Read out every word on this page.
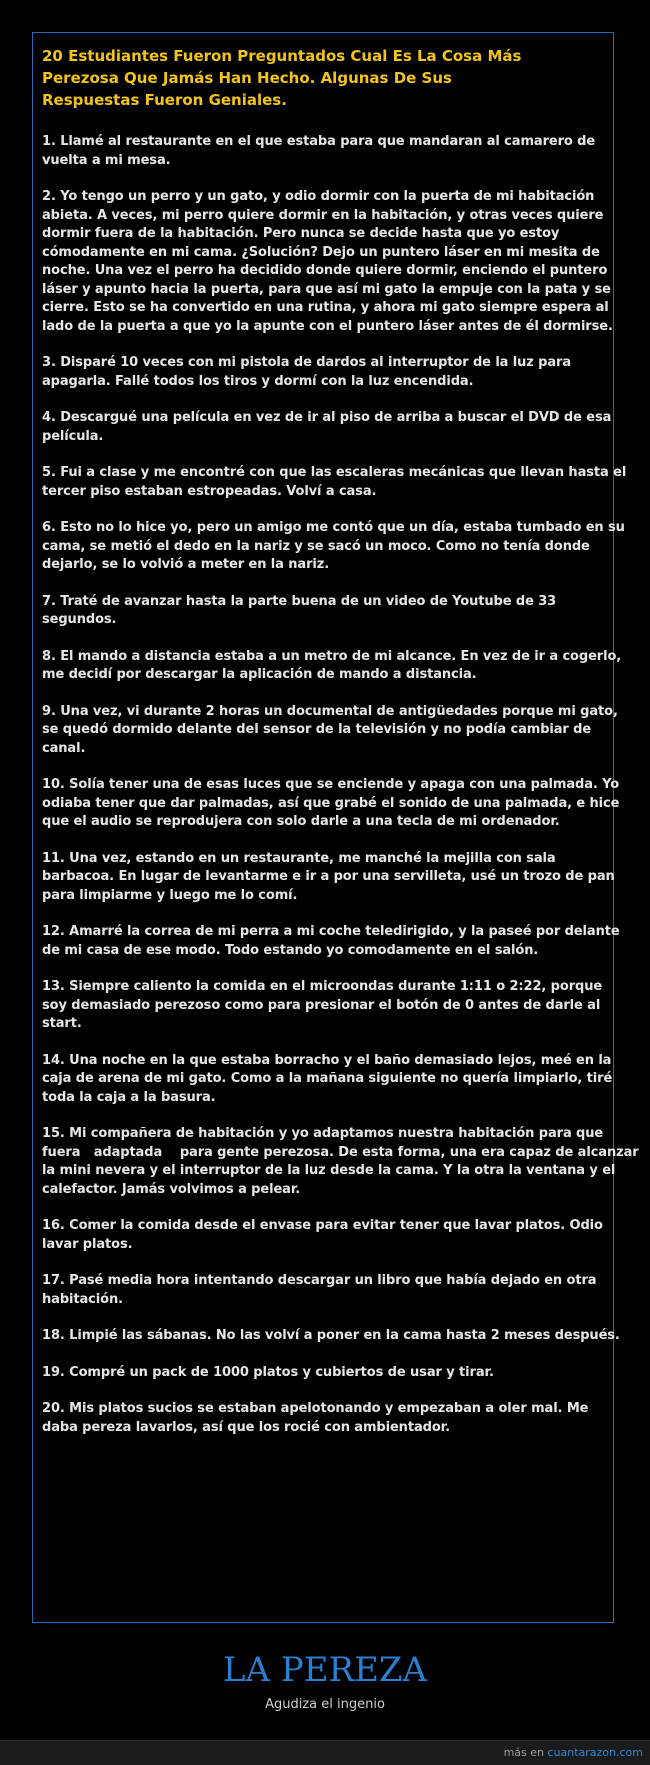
20 Estudiantes Fueron Preguntados Cual Es La Cosa Más
Perezosa Que Jamás Han Hecho. Algunas De Sus
Respuestas Fueron Geniales.
1. Llamé al restaurante en el que estaba para que mandaran al camarero de
vuelta a mi mesa.
2. Yo tengo un perro y un gato, y odio dormir con la puerta de mi habitación
abieta. A veces, mi perro quiere dormir en la habitación, y otras veces quiere
dormir fuera de la habitación. Pero nunca se decide hasta que yo estoy
cómodamente en mi cama. ¿Solución? Dejo un puntero láser en mi mesita de
noche. Una vez el perro ha decidido donde quiere dormir, enciendo el puntero
láser y apunto hacia la puerta, para que así mi gato la empuje con la pata y se
cierre. Esto se ha convertido en una rutina, y ahora mi gato siempre espera al
lado de la puerta a que yo la apunte con el puntero láser antes de él dormirse.
3. Disparé 10 veces con mi pistola de dardos al interruptor de la luz para
apagarla. Fallé todos los tiros y dormí con la luz encendida.
4. Descargué una película en vez de ir al piso de arriba a buscar el DVD de esa
película.
5. Fui a clase y me encontré con que las escaleras mecánicas que llevan hasta el
tercer piso estaban estropeadas. Volví a casa.
6. Esto no lo hice yo, pero un amigo me contó que un día, estaba tumbado en su
cama, se metió el dedo en la nariz y se sacó un moco. Como no tenía donde
dejarlo, se lo volvió a meter en la nariz.
7. Traté de avanzar hasta la parte buena de un video de Youtube de 33
segundos.
8. El mando a distancia estaba a un metro de mi alcance. En vez de ir a cogerlo,
me decidí por descargar la aplicación de mando a distancia.
9. Una vez, vi durante 2 horas un documental de antigüedades porque mi gato,
se quedó dormido delante del sensor de la televisión y no podía cambiar de
canal.
10. Solía tener una de esas luces que se enciende y apaga con una palmada. Yo
odiaba tener que dar palmadas, así que grabé el sonido de una palmada, e hice
que el audio se reprodujera con solo darle a una tecla de mi ordenador.
11. Una vez, estando en un restaurante, me manché la mejilla con sala
barbacoa. En lugar de levantarme e ir a por una servilleta, usé un trozo de pan
para limpiarme y luego me lo comí.
12. Amarré la correa de mi perra a mi coche teledirigido, y la paseé por delante
de mi casa de ese modo. Todo estando yo comodamente en el salón.
13. Siempre caliento la comida en el microondas durante 1:11 o 2:22, porque
soy demasiado perezoso como para presionar el botón de 0 antes de darle al
start.
14. Una noche en la que estaba borracho y el baño demasiado lejos, meé en la
caja de arena de mi gato. Como a la mañana siguiente no quería limpiarlo, tiré
toda la caja a la basura.
15. Mi compañera de habitación y yo adaptamos nuestra habitación para que
fuera   adaptada    para gente perezosa. De esta forma, una era capaz de alcanzar
la mini nevera y el interruptor de la luz desde la cama. Y la otra la ventana y el
calefactor. Jamás volvimos a pelear.
16. Comer la comida desde el envase para evitar tener que lavar platos. Odio
lavar platos.
17. Pasé media hora intentando descargar un libro que había dejado en otra
habitación.
18. Limpié las sábanas. No las volví a poner en la cama hasta 2 meses después.
19. Compré un pack de 1000 platos y cubiertos de usar y tirar.
20. Mis platos sucios se estaban apelotonando y empezaban a oler mal. Me
daba pereza lavarlos, así que los rocié con ambientador.
LA PEREZA
Agudiza el ingenio
más en cuantarazon.com
